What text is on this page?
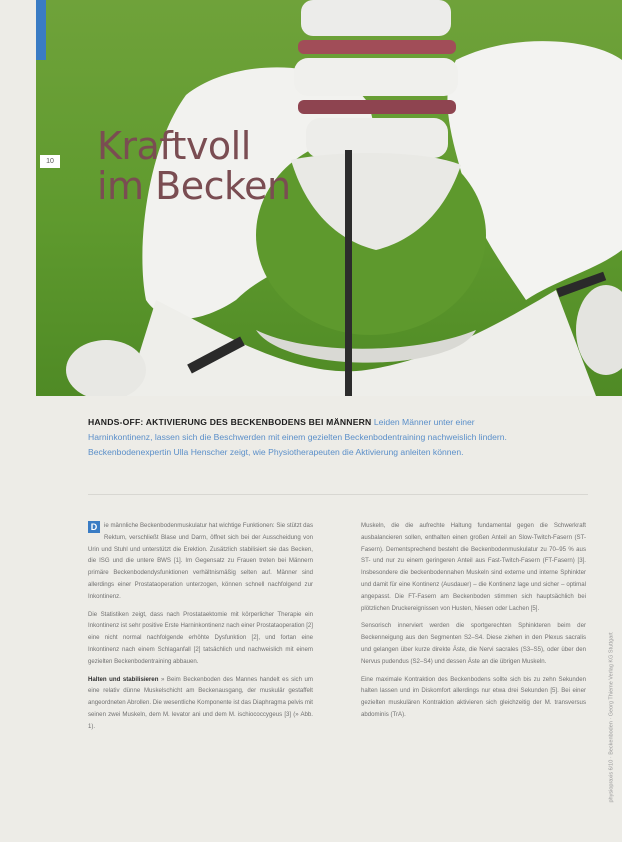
10 Kraftvoll
im Becken
HANDS-OFF: AKTIVIERUNG DES BECKENBODENS BEI MÄNNERN Leiden Männer unter einer Harninkontinenz, lassen sich die Beschwerden mit einem gezielten Beckenbodentraining nachweislich lindern. Beckenbodenexpertin Ulla Henscher zeigt, wie Physiotherapeuten die Aktivierung anleiten können.

D	ie männliche Beckenbodenmuskulatur hat wichtige Funktionen: Sie stützt das Rektum, verschließt Blase und Darm, öffnet sich bei der Ausscheidung von Urin und Stuhl und unterstützt die Erektion. Zusätzlich stabilisiert sie das Becken, die ISG und die untere BWS [1]. Im Gegensatz zu Frauen treten bei Männern primäre Beckenbodendysfunktionen verhältnismäßig selten auf. Männer sind allerdings einer Prostataoperation unterzogen, können schnell nachfolgend zur Inkontinenz.

Die Statistiken zeigt, dass nach Prostataektomie mit körperlicher Therapie ein Inkontinenz ist sehr positive Erste Harninkontinenz nach einer Prostataoperation [2] eine nicht normal nachfolgende erhöhte Dysfunktion [2], und fortan eine Inkontinenz nach einem Schlaganfall [2] tatsächlich und nachweislich mit einem gezielten Beckenbodentraining abbauen.

Halten und stabilisieren » Beim Beckenboden des Mannes handelt es sich um eine relativ dünne Muskelschicht am Beckenausgang, der muskulär gestaffelt angeordneten Abrollen. Die wesentliche Komponente ist das Diaphragma pelvis mit seinen zwei Muskeln, dem M. levator ani und dem M. ischiococcygeus [3] (» Abb. 1).

Muskeln, die die aufrechte Haltung fundamental gegen die Schwerkraft ausbalancieren sollen, enthalten einen großen Anteil an Slow-Twitch-Fasern (ST-Fasern). Dementsprechend besteht die Beckenbodenmuskulatur zu 70–95 % aus ST- und nur zu einem geringeren Anteil aus Fast-Twitch-Fasern (FT-Fasern) [3]. Insbesondere die beckenbodennahen Muskeln sind externe und interne Sphinkter und damit für eine Kontinenz (Ausdauer) – die Kontinenz lage und sicher – optimal angepasst. Die FT-Fasern am Beckenboden stimmen sich hauptsächlich bei plötzlichen Druckereignissen von Husten, Niesen oder Lachen [5].

Sensorisch innerviert werden die sportgerechten Sphinkteren beim der Beckenneigung aus den Segmenten S2–S4. Diese ziehen in den Plexus sacralis und gelangen über kurze direkte Äste, die Nervi sacrales (S3–S5), oder über den Nervus pudendus (S2–S4) und dessen Äste an die übrigen Muskeln.

Eine maximale Kontraktion des Beckenbodens sollte sich bis zu zehn Sekunden halten lassen und im Diskomfort allerdings nur etwa drei Sekunden [5]. Bei einer gezielten muskulären Kontraktion aktivieren sich gleichzeitig der M. transversus abdominis (TrA).	physiopraxis 6/10 · Beckenboden · Georg Thieme Verlag KG Stuttgart
